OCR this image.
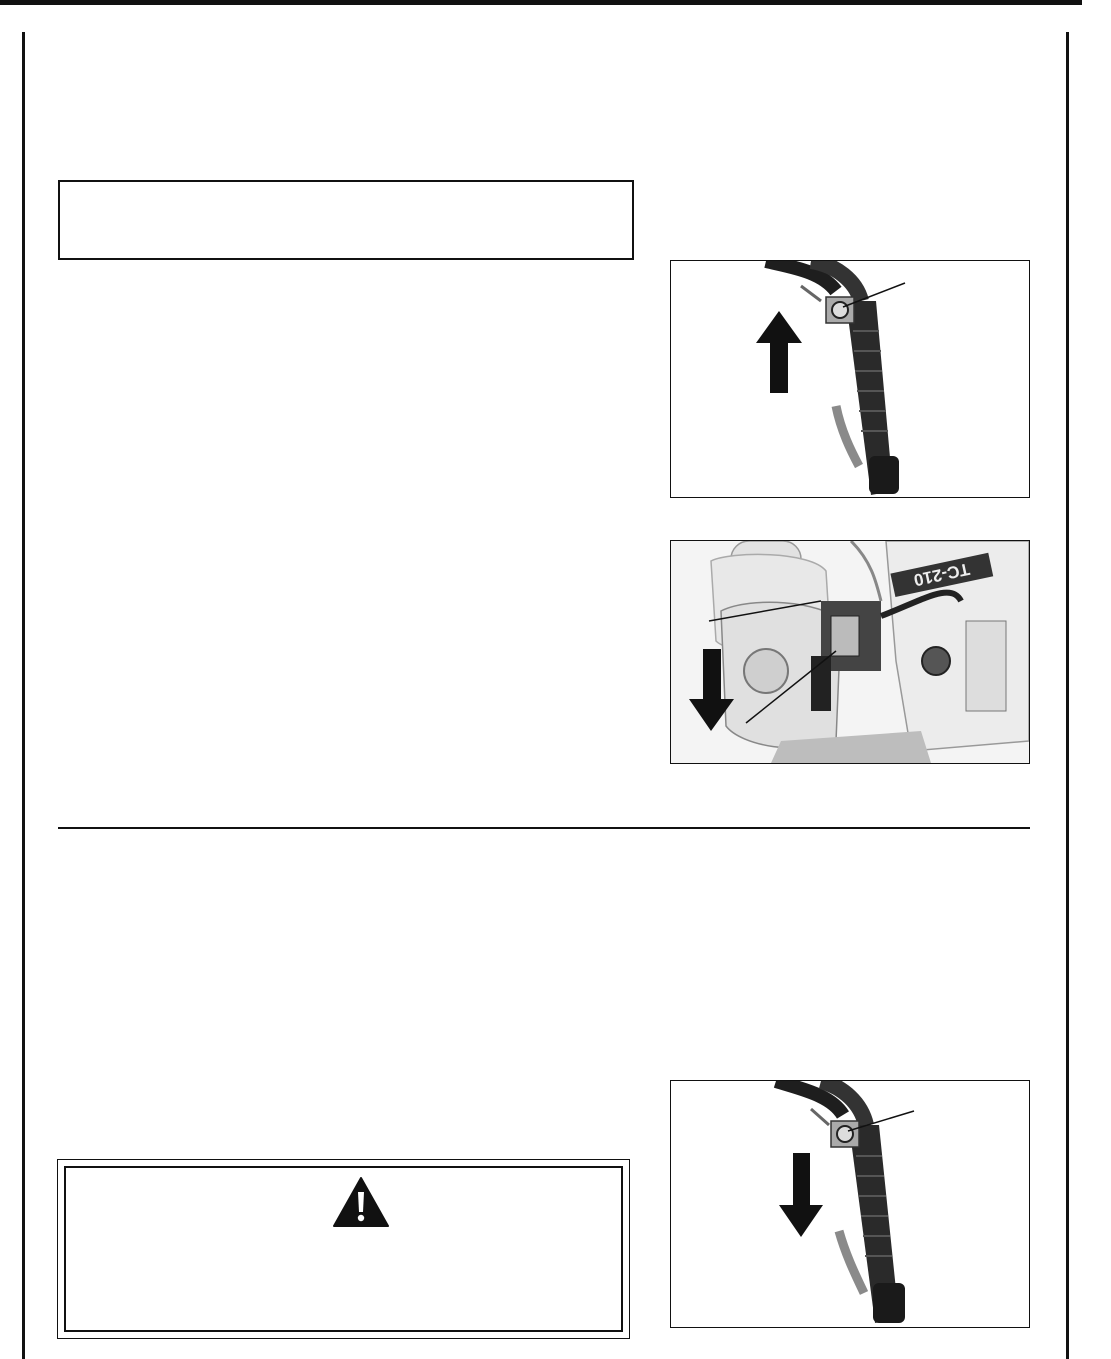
TC-210
